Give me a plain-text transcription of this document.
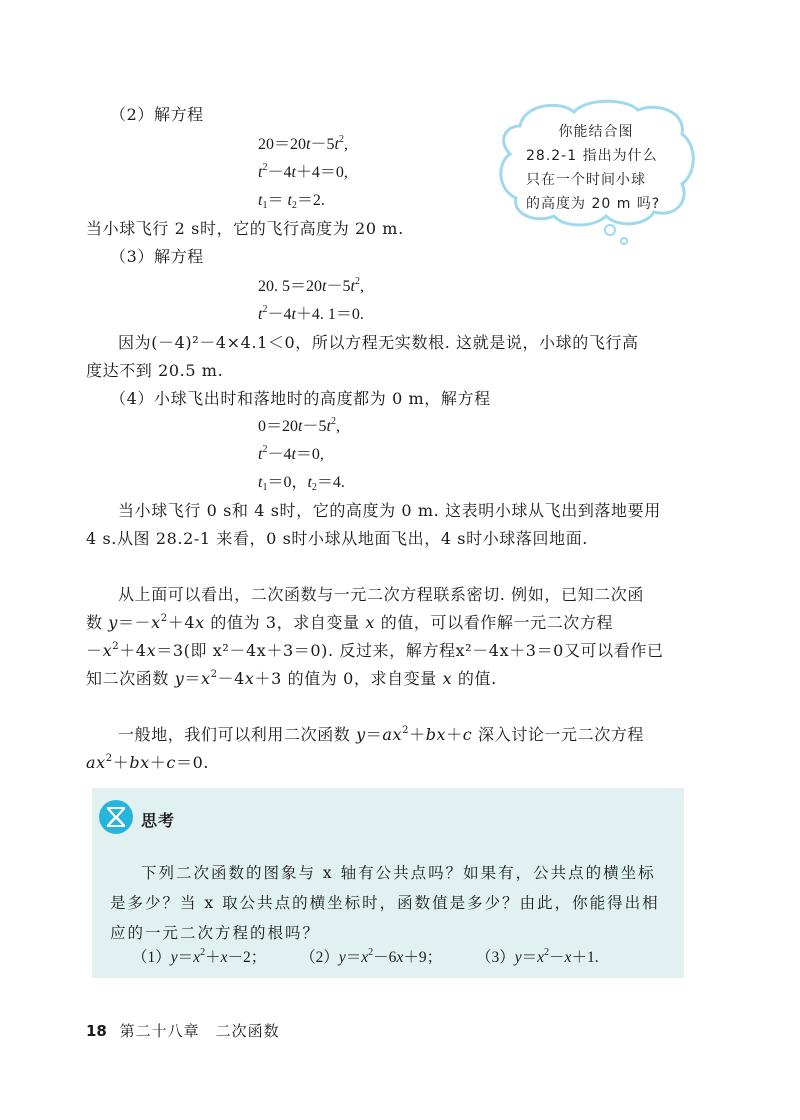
（2）解方程
$20=20t-5t^2$,
$t^2-4t+4=0$,
$t_1= t_2=2$.
当小球飞行 2 s时，它的飞行高度为 20 m.
（3）解方程
20. $5=20t-5t^2$,
$t^2-4t+4$. 1＝0.
因为(－4)²－4×4.1＜0，所以方程无实数根. 这就是说，小球的飞行高
度达不到 20.5 m.
（4）小球飞出时和落地时的高度都为 0 m，解方程
$0=20t-5t^2$,
$t^2-4t=0$,
$t_1=0$，$t_2=4$.
当小球飞行 0 s和 4 s时，它的高度为 0 m. 这表明小球从飞出到落地要用
4 s.从图 28.2-1 来看，0 s时小球从地面飞出，4 s时小球落回地面.
你能结合图
28.2-1 指出为什么
只在一个时间小球
的高度为 20 m 吗?
从上面可以看出，二次函数与一元二次方程联系密切. 例如，已知二次函
数 $y=-x^2+4x$ 的值为 3，求自变量 x 的值，可以看作解一元二次方程
$-x^2+4x=3$(即 x²－4x＋3＝0). 反过来，解方程x²－4x＋3＝0又可以看作已
知二次函数 $y=x^2-4x+3$ 的值为 0，求自变量 x 的值.
一般地，我们可以利用二次函数 $y=ax^2+bx+c$ 深入讨论一元二次方程
$ax^2+bx+c=0$.
思考
下列二次函数的图象与 x 轴有公共点吗？如果有，公共点的横坐标是多少？当 x 取公共点的横坐标时，函数值是多少？由此，你能得出相应的一元二次方程的根吗？
$(1)y=x^2+x-2$； $(2)y=x^2-6x+9$； $(3)y=x^2-x+1$.
18 第二十八章　二次函数
